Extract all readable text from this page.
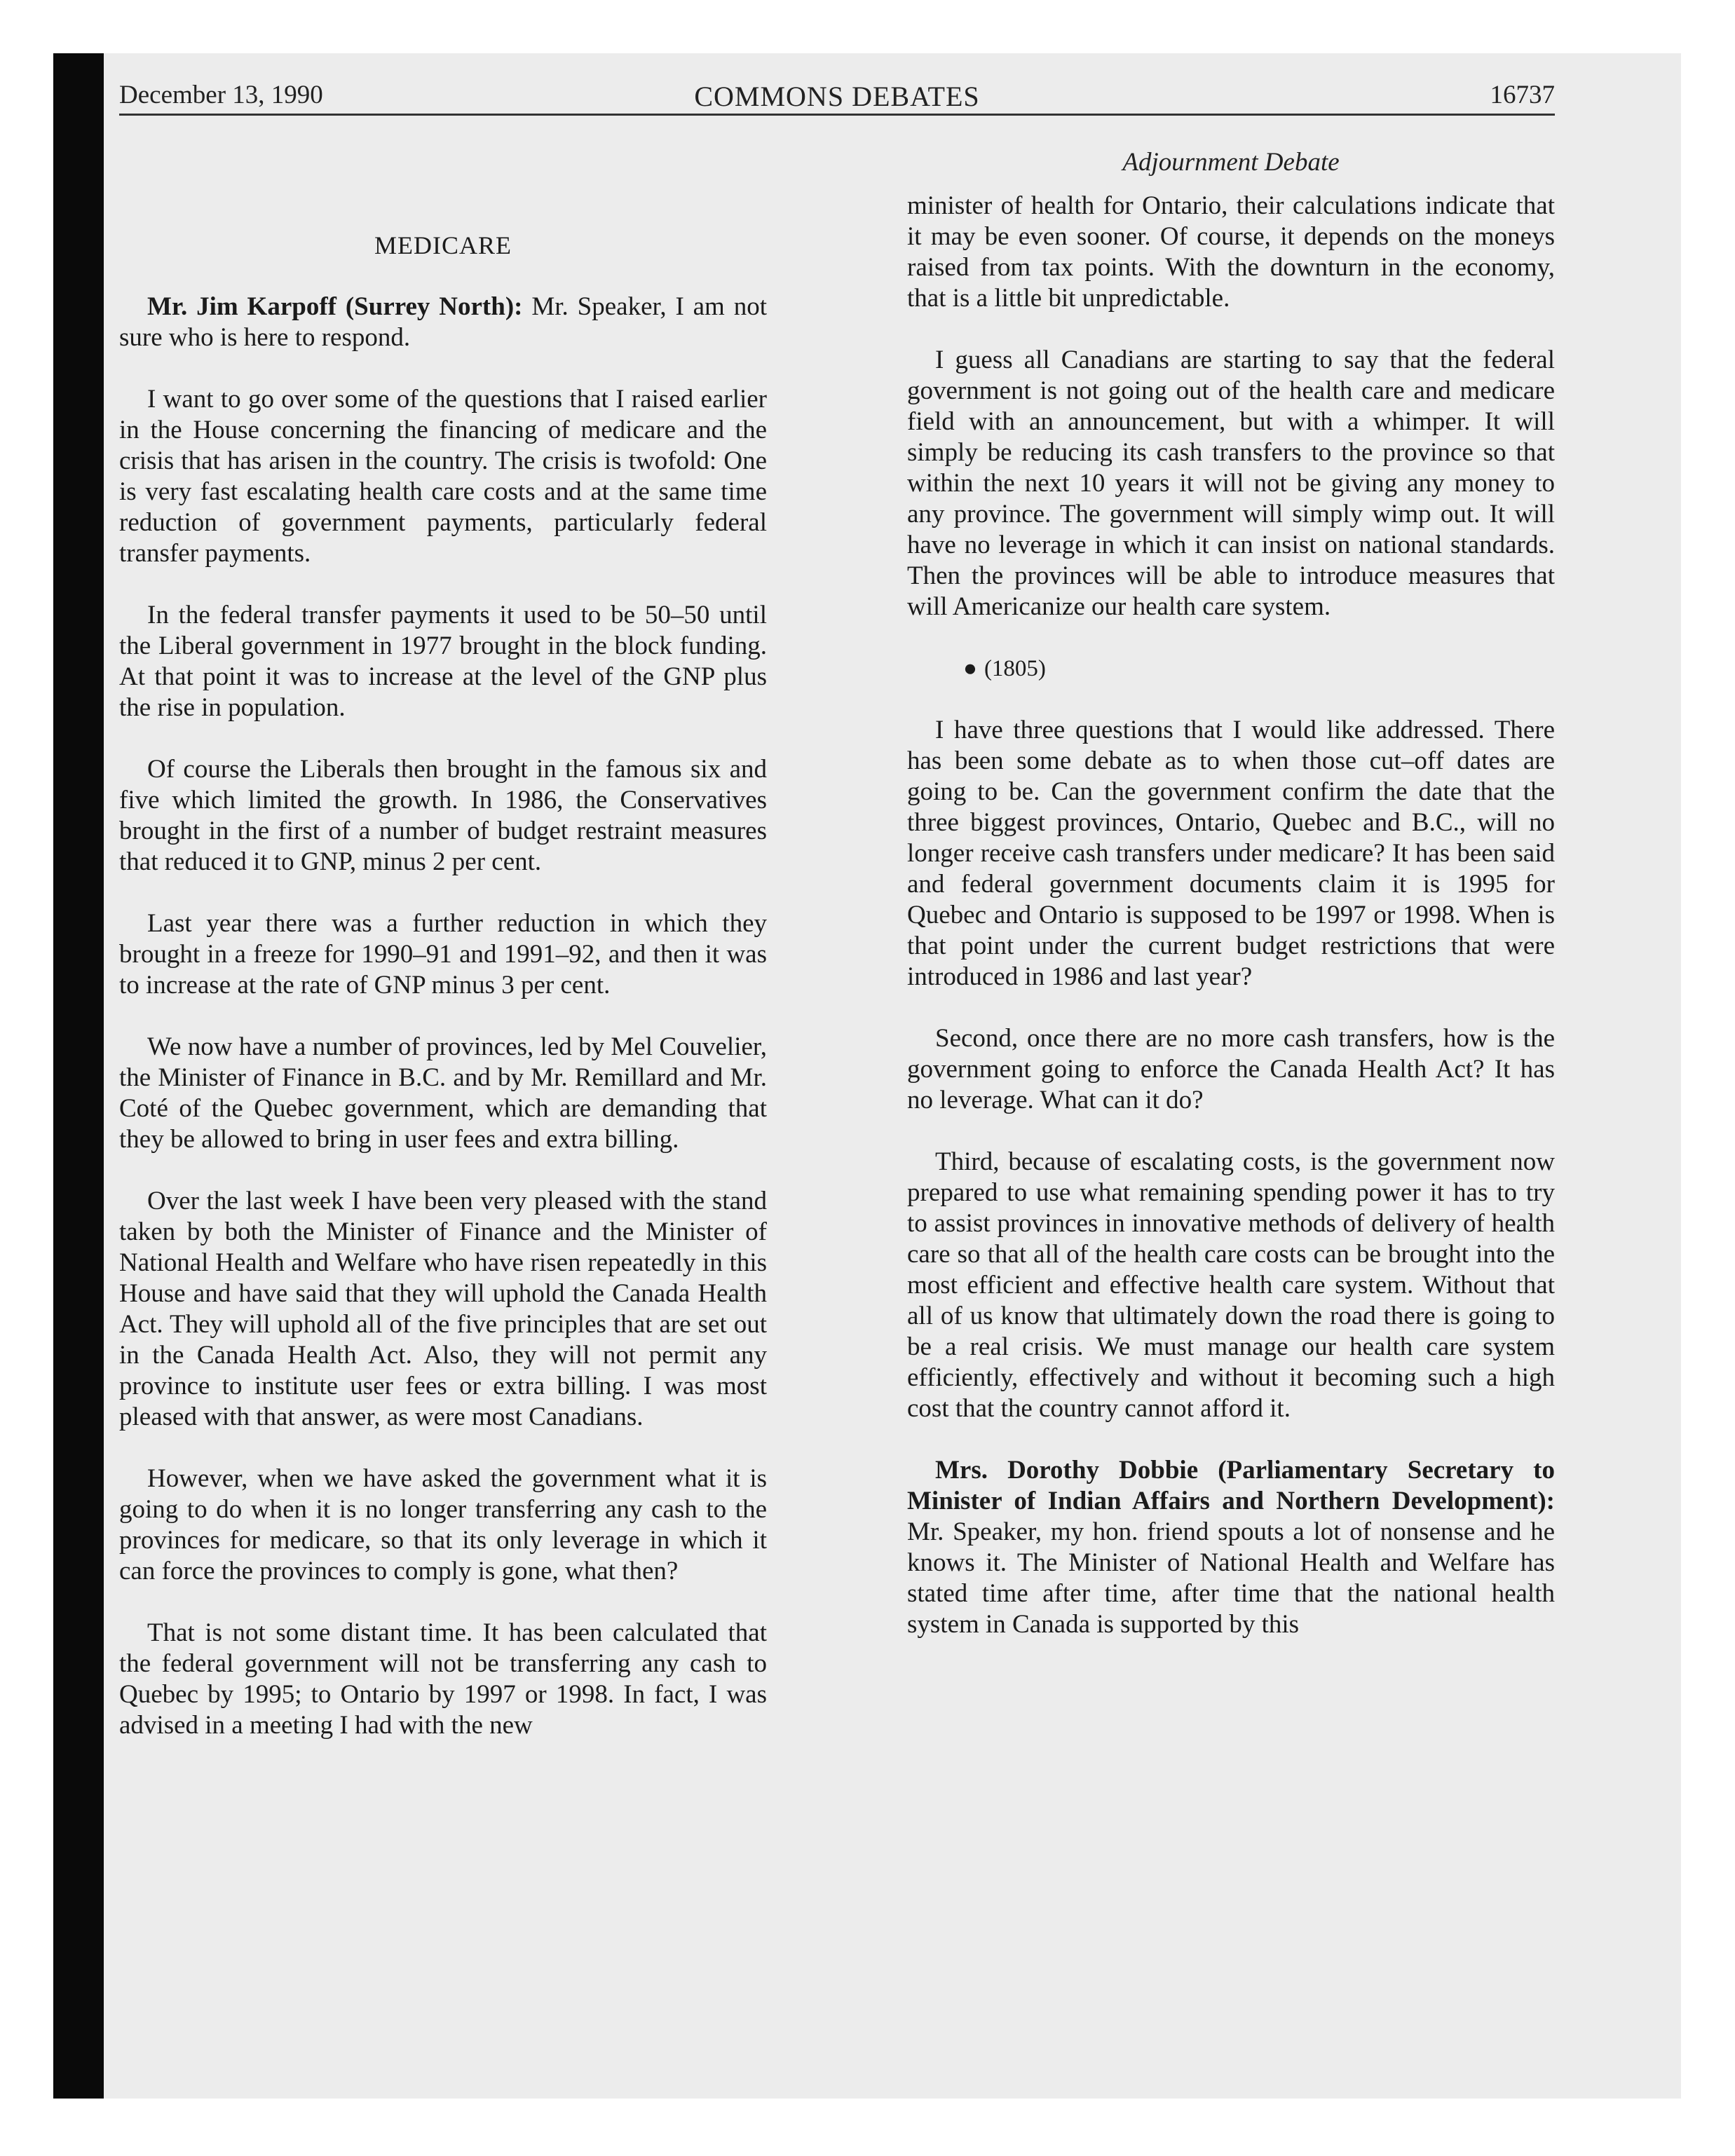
December 13, 1990	COMMONS DEBATES	16737
Adjournment Debate
MEDICARE

Mr. Jim Karpoff (Surrey North): Mr. Speaker, I am not sure who is here to respond.

I want to go over some of the questions that I raised earlier in the House concerning the financing of medicare and the crisis that has arisen in the country. The crisis is twofold: One is very fast escalating health care costs and at the same time reduction of government payments, particularly federal transfer payments.

In the federal transfer payments it used to be 50–50 until the Liberal government in 1977 brought in the block funding. At that point it was to increase at the level of the GNP plus the rise in population.

Of course the Liberals then brought in the famous six and five which limited the growth. In 1986, the Conservatives brought in the first of a number of budget restraint measures that reduced it to GNP, minus 2 per cent.

Last year there was a further reduction in which they brought in a freeze for 1990–91 and 1991–92, and then it was to increase at the rate of GNP minus 3 per cent.

We now have a number of provinces, led by Mel Couvelier, the Minister of Finance in B.C. and by Mr. Remillard and Mr. Coté of the Quebec government, which are demanding that they be allowed to bring in user fees and extra billing.

Over the last week I have been very pleased with the stand taken by both the Minister of Finance and the Minister of National Health and Welfare who have risen repeatedly in this House and have said that they will uphold the Canada Health Act. They will uphold all of the five principles that are set out in the Canada Health Act. Also, they will not permit any province to institute user fees or extra billing. I was most pleased with that answer, as were most Canadians.

However, when we have asked the government what it is going to do when it is no longer transferring any cash to the provinces for medicare, so that its only leverage in which it can force the provinces to comply is gone, what then?

That is not some distant time. It has been calculated that the federal government will not be transferring any cash to Quebec by 1995; to Ontario by 1997 or 1998. In fact, I was advised in a meeting I had with the new

minister of health for Ontario, their calculations indicate that it may be even sooner. Of course, it depends on the moneys raised from tax points. With the downturn in the economy, that is a little bit unpredictable.

I guess all Canadians are starting to say that the federal government is not going out of the health care and medicare field with an announcement, but with a whimper. It will simply be reducing its cash transfers to the province so that within the next 10 years it will not be giving any money to any province. The government will simply wimp out. It will have no leverage in which it can insist on national standards. Then the provinces will be able to introduce measures that will Americanize our health care system.

● (1805)

I have three questions that I would like addressed. There has been some debate as to when those cut–off dates are going to be. Can the government confirm the date that the three biggest provinces, Ontario, Quebec and B.C., will no longer receive cash transfers under medicare? It has been said and federal government documents claim it is 1995 for Quebec and Ontario is supposed to be 1997 or 1998. When is that point under the current budget restrictions that were introduced in 1986 and last year?

Second, once there are no more cash transfers, how is the government going to enforce the Canada Health Act? It has no leverage. What can it do?

Third, because of escalating costs, is the government now prepared to use what remaining spending power it has to try to assist provinces in innovative methods of delivery of health care so that all of the health care costs can be brought into the most efficient and effective health care system. Without that all of us know that ultimately down the road there is going to be a real crisis. We must manage our health care system efficiently, effectively and without it becoming such a high cost that the country cannot afford it.

Mrs. Dorothy Dobbie (Parliamentary Secretary to Minister of Indian Affairs and Northern Development): Mr. Speaker, my hon. friend spouts a lot of nonsense and he knows it. The Minister of National Health and Welfare has stated time after time, after time that the national health system in Canada is supported by this
